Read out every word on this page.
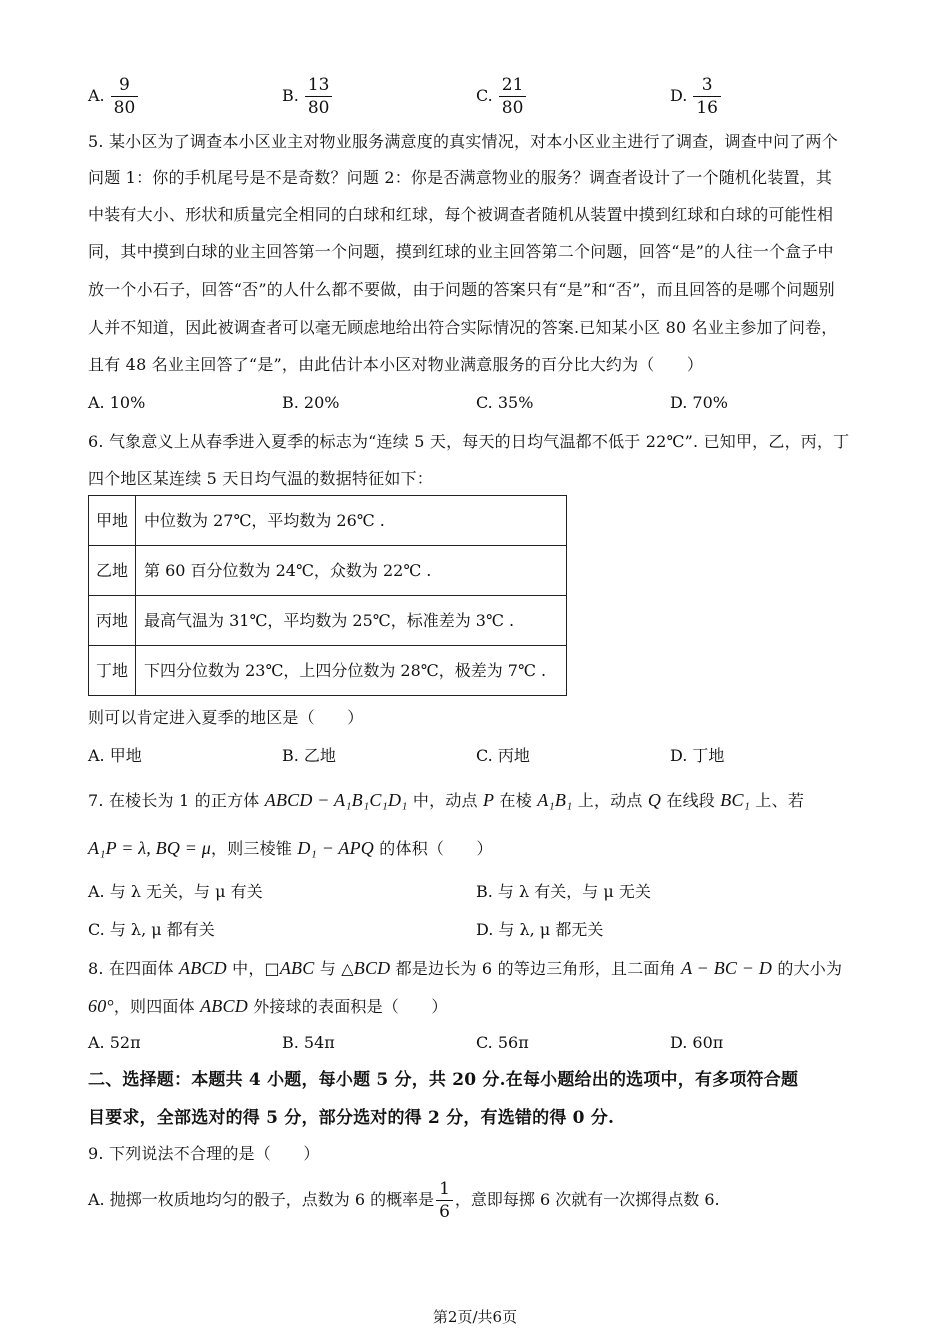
A. $\frac{9}{80}$	B. $\frac{13}{80}$	C. $\frac{21}{80}$	D. $\frac{3}{16}$
5. 某小区为了调查本小区业主对物业服务满意度的真实情况，对本小区业主进行了调查，调查中问了两个
问题 1：你的手机尾号是不是奇数？问题 2：你是否满意物业的服务？调查者设计了一个随机化装置，其
中装有大小、形状和质量完全相同的白球和红球，每个被调查者随机从装置中摸到红球和白球的可能性相
同，其中摸到白球的业主回答第一个问题，摸到红球的业主回答第二个问题，回答“是”的人往一个盒子中
放一个小石子，回答“否”的人什么都不要做，由于问题的答案只有“是”和“否”，而且回答的是哪个问题别
人并不知道，因此被调查者可以毫无顾虑地给出符合实际情况的答案.已知某小区 80 名业主参加了问卷，
且有 48 名业主回答了“是”，由此估计本小区对物业满意服务的百分比大约为（　　）
A. 10%	B. 20%	C. 35%	D. 70%
6. 气象意义上从春季进入夏季的标志为“连续 5 天，每天的日均气温都不低于 22℃”. 已知甲，乙，丙，丁
四个地区某连续 5 天日均气温的数据特征如下：
甲地	中位数为 27℃，平均数为 26℃ .
乙地	第 60 百分位数为 24℃，众数为 22℃ .
丙地	最高气温为 31℃，平均数为 25℃，标准差为 3℃ .
丁地	下四分位数为 23℃，上四分位数为 28℃，极差为 7℃ .
则可以肯定进入夏季的地区是（　　）
A. 甲地	B. 乙地	C. 丙地	D. 丁地
7. 在棱长为 1 的正方体 ABCD − A₁B₁C₁D₁ 中，动点 P 在棱 A₁B₁ 上，动点 Q 在线段 BC₁ 上、若
A₁P = λ, BQ = μ，则三棱锥 D₁ − APQ 的体积（　　）
A. 与 λ 无关，与 μ 有关	B. 与 λ 有关，与 μ 无关
C. 与 λ, μ 都有关	D. 与 λ, μ 都无关
8. 在四面体 ABCD 中，□ABC 与 △BCD 都是边长为 6 的等边三角形，且二面角 A − BC − D 的大小为
60°，则四面体 ABCD 外接球的表面积是（　　）
A. 52π	B. 54π	C. 56π	D. 60π
二、选择题：本题共 4 小题，每小题 5 分，共 20 分.在每小题给出的选项中，有多项符合题
目要求，全部选对的得 5 分，部分选对的得 2 分，有选错的得 0 分.
9. 下列说法不合理的是（　　）
A. 抛掷一枚质地均匀的骰子，点数为 6 的概率是 $\frac{1}{6}$ ，意即每掷 6 次就有一次掷得点数 6.
第2页/共6页
